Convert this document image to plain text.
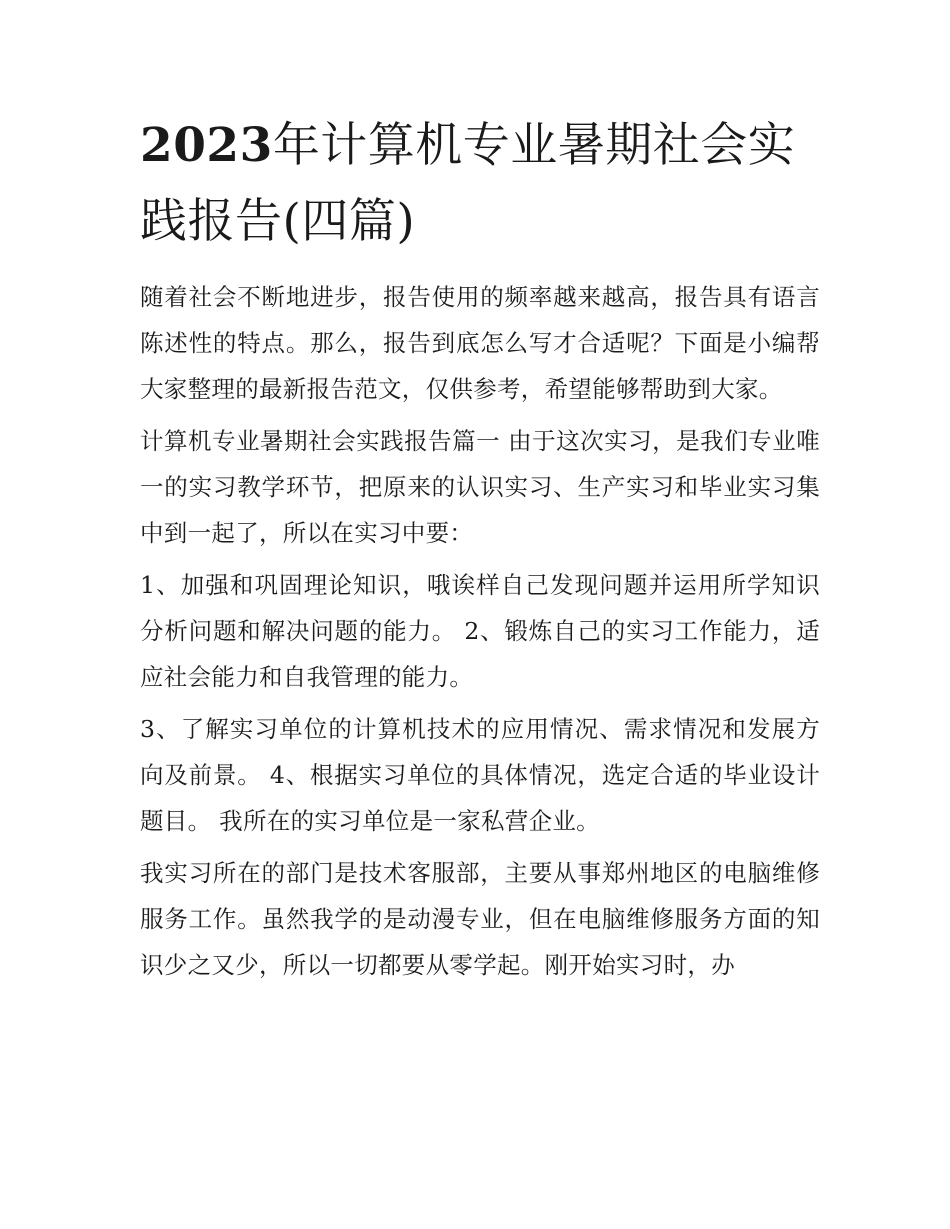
2023年计算机专业暑期社会实践报告(四篇)

随着社会不断地进步，报告使用的频率越来越高，报告具有语言陈述性的特点。那么，报告到底怎么写才合适呢？下面是小编帮大家整理的最新报告范文，仅供参考，希望能够帮助到大家。

计算机专业暑期社会实践报告篇一 由于这次实习，是我们专业唯一的实习教学环节，把原来的认识实习、生产实习和毕业实习集中到一起了，所以在实习中要：

1、加强和巩固理论知识，哦诶样自己发现问题并运用所学知识分析问题和解决问题的能力。 2、锻炼自己的实习工作能力，适应社会能力和自我管理的能力。

3、了解实习单位的计算机技术的应用情况、需求情况和发展方向及前景。 4、根据实习单位的具体情况，选定合适的毕业设计题目。 我所在的实习单位是一家私营企业。

我实习所在的部门是技术客服部，主要从事郑州地区的电脑维修服务工作。虽然我学的是动漫专业，但在电脑维修服务方面的知识少之又少，所以一切都要从零学起。刚开始实习时，办
